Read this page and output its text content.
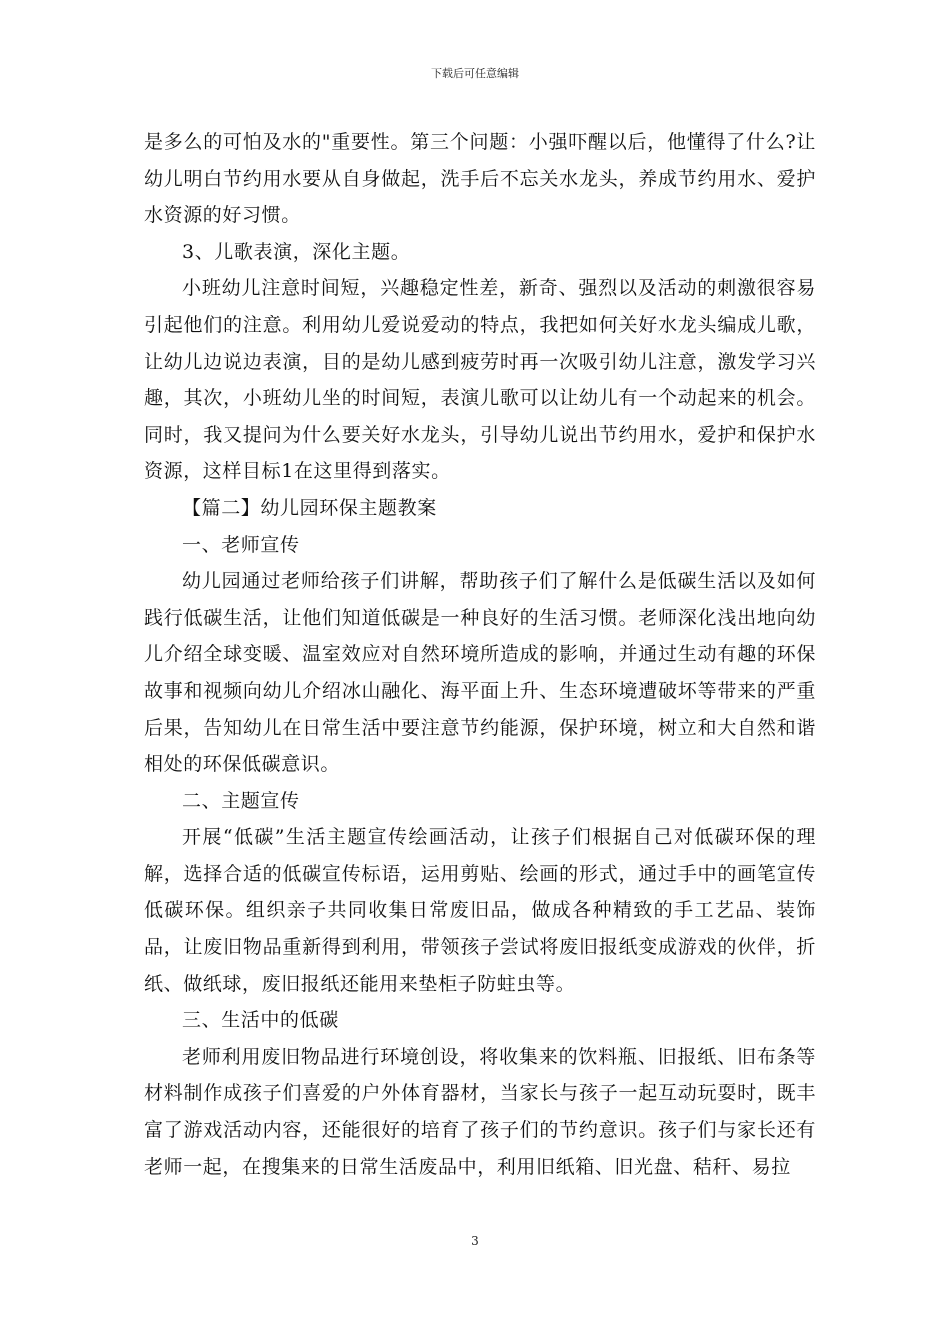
下载后可任意编辑

是多么的可怕及水的"重要性。第三个问题：小强吓醒以后，他懂得了什么?让幼儿明白节约用水要从自身做起，洗手后不忘关水龙头，养成节约用水、爱护水资源的好习惯。

3、儿歌表演，深化主题。

小班幼儿注意时间短，兴趣稳定性差，新奇、强烈以及活动的刺激很容易引起他们的注意。利用幼儿爱说爱动的特点，我把如何关好水龙头编成儿歌，让幼儿边说边表演，目的是幼儿感到疲劳时再一次吸引幼儿注意，激发学习兴趣，其次，小班幼儿坐的时间短，表演儿歌可以让幼儿有一个动起来的机会。同时，我又提问为什么要关好水龙头，引导幼儿说出节约用水，爱护和保护水资源，这样目标1在这里得到落实。

【篇二】幼儿园环保主题教案

一、老师宣传

幼儿园通过老师给孩子们讲解，帮助孩子们了解什么是低碳生活以及如何践行低碳生活，让他们知道低碳是一种良好的生活习惯。老师深化浅出地向幼儿介绍全球变暖、温室效应对自然环境所造成的影响，并通过生动有趣的环保故事和视频向幼儿介绍冰山融化、海平面上升、生态环境遭破坏等带来的严重后果，告知幼儿在日常生活中要注意节约能源，保护环境，树立和大自然和谐相处的环保低碳意识。

二、主题宣传

开展“低碳”生活主题宣传绘画活动，让孩子们根据自己对低碳环保的理解，选择合适的低碳宣传标语，运用剪贴、绘画的形式，通过手中的画笔宣传低碳环保。组织亲子共同收集日常废旧品，做成各种精致的手工艺品、装饰品，让废旧物品重新得到利用，带领孩子尝试将废旧报纸变成游戏的伙伴，折纸、做纸球，废旧报纸还能用来垫柜子防蛀虫等。

三、生活中的低碳

老师利用废旧物品进行环境创设，将收集来的饮料瓶、旧报纸、旧布条等材料制作成孩子们喜爱的户外体育器材，当家长与孩子一起互动玩耍时，既丰富了游戏活动内容，还能很好的培育了孩子们的节约意识。孩子们与家长还有老师一起，在搜集来的日常生活废品中，利用旧纸箱、旧光盘、秸秆、易拉

3
